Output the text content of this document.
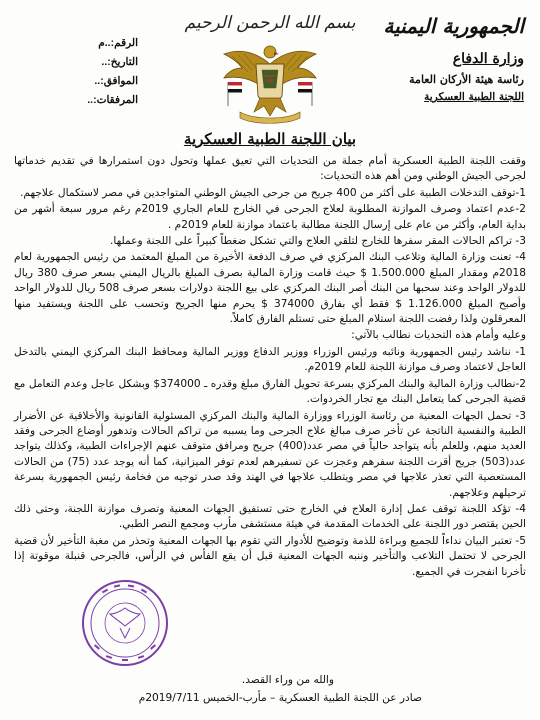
الجمهورية اليمنية
وزارة الدفاع
رئاسة هيئة الأركان العامة
اللجنة الطبية العسكرية
بسم الله الرحمن الرحيم
الرقم:..م
التاريخ:..
الموافق:..
المرفقات:..
بيان اللجنة الطبية العسكرية

وقفت اللجنة الطبية العسكرية أمام جملة من التحديات التي تعيق عملها وتحول دون استمرارها في تقديم خدماتها لجرحى الجيش الوطني ومن أهم هذه التحديات:

1-توقف التدخلات الطبية على أكثر من 400 جريح من جرحى الجيش الوطني المتواجدين في مصر لاستكمال علاجهم.

2-عدم اعتماد وصرف الموازنة المطلوبة لعلاج الجرحى في الخارج للعام الجاري 2019م رغم مرور سبعة أشهر من بداية العام، وأكثر من عام على إرسال اللجنة مطالبة باعتماد موازنة للعام 2019م .

3- تراكم الحالات المقر سفرها للخارج لتلقي العلاج والتي تشكل ضغطاً كبيراً على اللجنة وعملها.

4- تعنت وزارة المالية وتلاعب البنك المركزي في صرف الدفعة الأخيرة من المبلغ المعتمد من رئيس الجمهورية لعام 2018م ومقدار المبلغ 1.500.000 $ حيث قامت وزارة المالية بصرف المبلغ بالريال اليمني بسعر صرف 380 ريال للدولار الواحد وعند سحبها من البنك أصر البنك المركزي على بيع اللجنة دولارات بسعر صرف 508 ريال للدولار الواحد وأصبح المبلغ 1.126.000 $ فقط أي بفارق 374000 $ يحرم منها الجريح وتحسب على اللجنة ويستفيد منها المعرقلون ولذا رفضت اللجنة استلام المبلغ حتى تستلم الفارق كاملاً.

وعليه وأمام هذه التحديات نطالب بالآتي:

1- نناشد رئيس الجمهورية ونائبه ورئيس الوزراء ووزير الدفاع ووزير المالية ومحافظ البنك المركزي اليمني بالتدخل العاجل لاعتماد وصرف موازنة اللجنة للعام 2019م.

2-نطالب وزارة المالية والبنك المركزي بسرعة تحويل الفارق مبلغ وقدره ـ 374000$ وبشكل عاجل وعدم التعامل مع قضية الجرحى كما يتعامل البنك مع تجار الخردوات.

3- تحمل الجهات المعنية من رئاسة الوزراء ووزارة المالية والبنك المركزي المسئولية القانونية والأخلاقية عن الأضرار الطبية والنفسية الناتجة عن تأخر صرف مبالغ علاج الجرحى وما يسببه من تراكم الحالات وتدهور أوضاع الجرحى وفقد العديد منهم، وللعلم بأنه يتواجد حالياً في مصر عدد(400) جريح ومرافق متوقف عنهم الإجراءات الطبية، وكذلك يتواجد عدد(503) جريح أقرت اللجنة سفرهم وعجزت عن تسفيرهم لعدم توفر الميزانية، كما أنه يوجد عدد (75) من الحالات المستعصية التي تعذر علاجها في مصر ويتطلب علاجها في الهند وقد صدر توجيه من فخامة رئيس الجمهورية بسرعة ترحيلهم وعلاجهم.

4- تؤكد اللجنة توقف عمل إدارة العلاج في الخارج حتى تستفيق الجهات المعنية وتصرف موازنة اللجنة، وحتى ذلك الحين يقتصر دور اللجنة على الخدمات المقدمة في هيئة مستشفى مأرب ومجمع النصر الطبي.

5- تعتبر البيان نداءاً للجميع وبراءة للذمة وتوضيح للأدوار التي تقوم بها الجهات المعنية وتحذر من مغبة التأخير لأن قضية الجرحى لا تحتمل التلاعب والتأخير وننبه الجهات المعنية قبل أن يقع الفأس في الرأس، فالجرحى قنبلة موقوتة إذا تأخرنا انفجرت في الجميع.

والله من وراء القصد.
صادر عن اللجنة الطبية العسكرية – مأرب-الخميس 2019/7/11م
